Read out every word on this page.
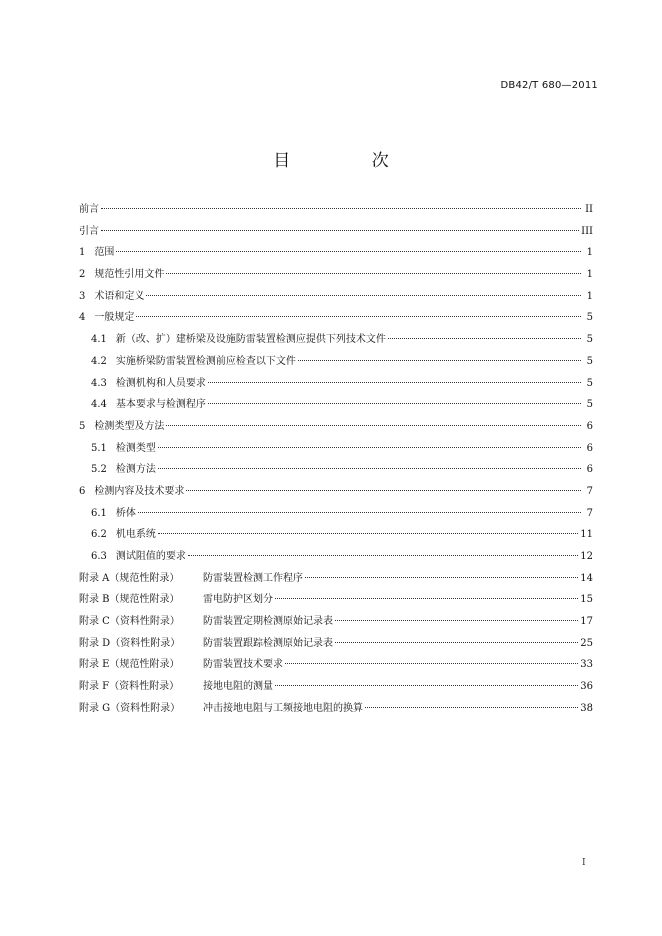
DB42/T 680—2011
目 次
前言	II
引言	III
1 范围	1
2 规范性引用文件	1
3 术语和定义	1
4 一般规定	5
4.1 新（改、扩）建桥梁及设施防雷装置检测应提供下列技术文件	5
4.2 实施桥梁防雷装置检测前应检查以下文件	5
4.3 检测机构和人员要求	5
4.4 基本要求与检测程序	5
5 检测类型及方法	6
5.1 检测类型	6
5.2 检测方法	6
6 检测内容及技术要求	7
6.1 桥体	7
6.2 机电系统	11
6.3 测试阻值的要求	12
附录 A（规范性附录）	防雷装置检测工作程序	14
附录 B（规范性附录）	雷电防护区划分	15
附录 C（资料性附录）	防雷装置定期检测原始记录表	17
附录 D（资料性附录）	防雷装置跟踪检测原始记录表	25
附录 E（规范性附录）	防雷装置技术要求	33
附录 F（资料性附录）	接地电阻的测量	36
附录 G（资料性附录）	冲击接地电阻与工频接地电阻的换算	38
I
